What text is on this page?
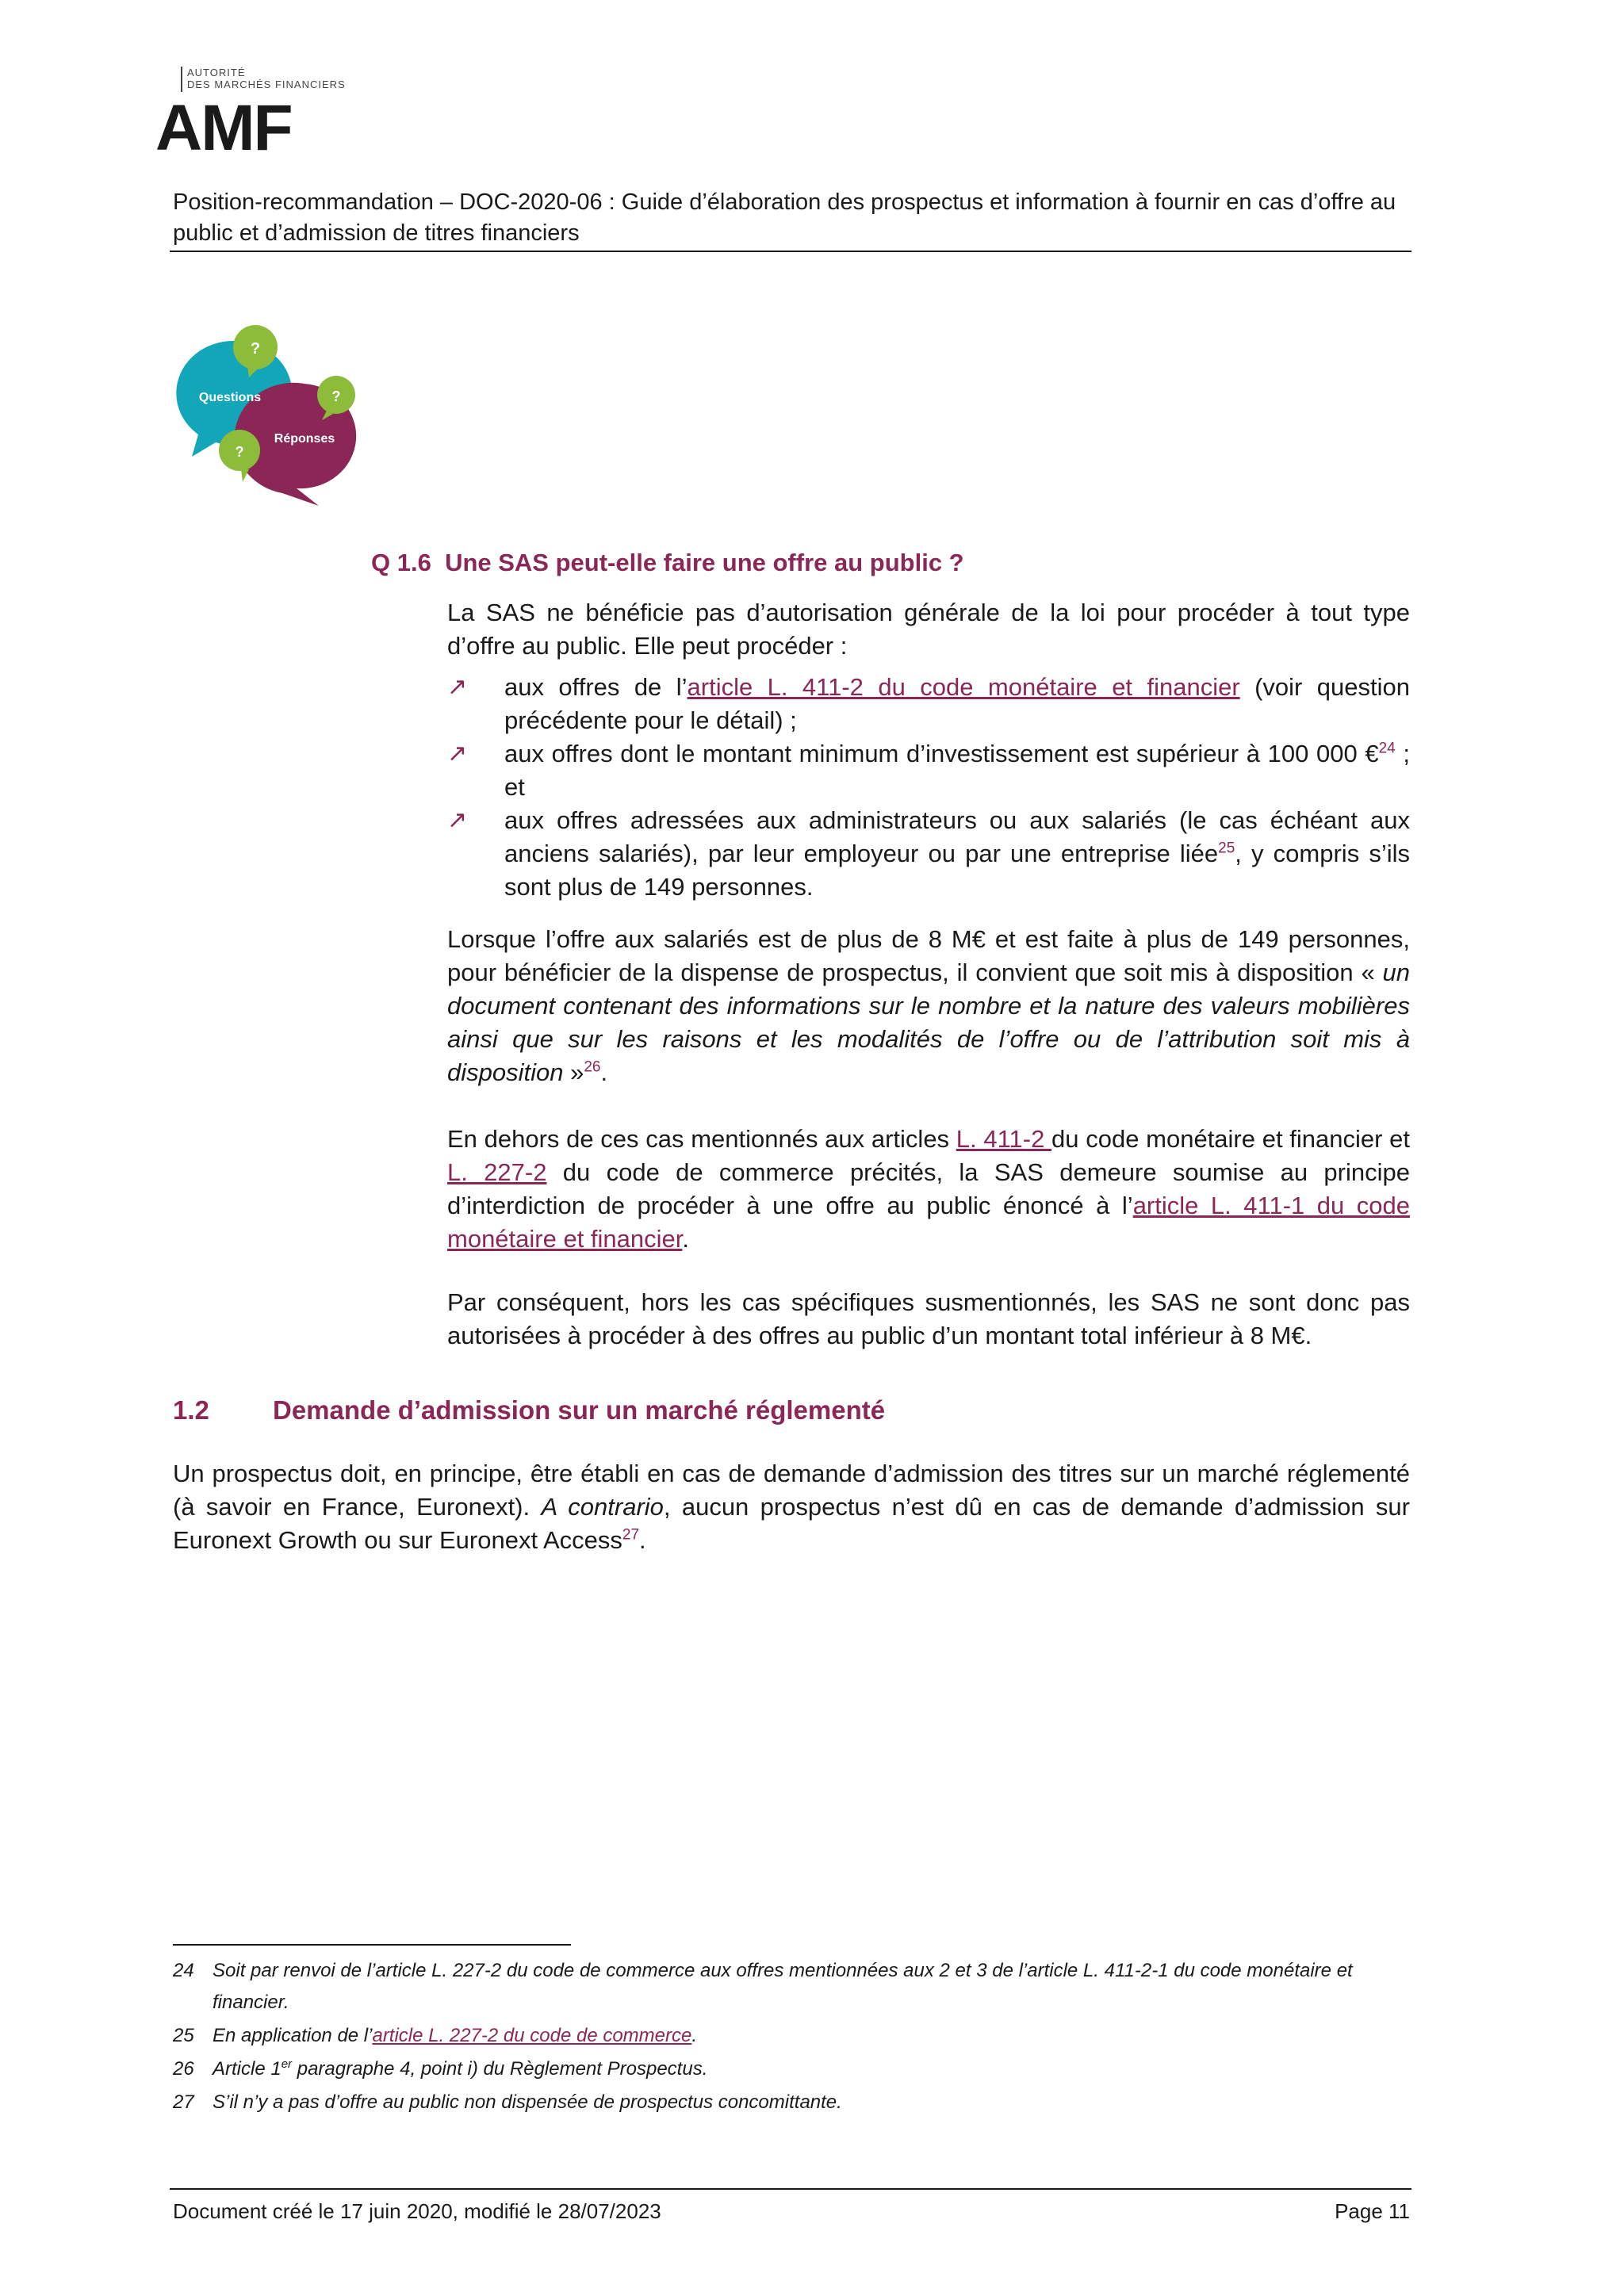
AUTORITÉ
DES MARCHÉS FINANCIERS
AMF
Position-recommandation – DOC-2020-06 : Guide d’élaboration des prospectus et information à fournir en cas d’offre au public et d’admission de titres financiers
?
?
?
Questions
Réponses
Q 1.6 Une SAS peut-elle faire une offre au public ?
La SAS ne bénéficie pas d’autorisation générale de la loi pour procéder à tout type d’offre au public. Elle peut procéder :
↗ aux offres de l’article L. 411-2 du code monétaire et financier (voir question précédente pour le détail) ;
↗ aux offres dont le montant minimum d’investissement est supérieur à 100 000 €$^{24}$ ; et
↗ aux offres adressées aux administrateurs ou aux salariés (le cas échéant aux anciens salariés), par leur employeur ou par une entreprise liée$^{25}$, y compris s’ils sont plus de 149 personnes.
Lorsque l’offre aux salariés est de plus de 8 M€ et est faite à plus de 149 personnes, pour bénéficier de la dispense de prospectus, il convient que soit mis à disposition « un document contenant des informations sur le nombre et la nature des valeurs mobilières ainsi que sur les raisons et les modalités de l’offre ou de l’attribution soit mis à disposition »$^{26}$.
En dehors de ces cas mentionnés aux articles L. 411-2 du code monétaire et financier et L. 227-2 du code de commerce précités, la SAS demeure soumise au principe d’interdiction de procéder à une offre au public énoncé à l’article L. 411-1 du code monétaire et financier.
Par conséquent, hors les cas spécifiques susmentionnés, les SAS ne sont donc pas autorisées à procéder à des offres au public d’un montant total inférieur à 8 M€.
1.2 Demande d’admission sur un marché réglementé
Un prospectus doit, en principe, être établi en cas de demande d’admission des titres sur un marché réglementé (à savoir en France, Euronext). A contrario, aucun prospectus n’est dû en cas de demande d’admission sur Euronext Growth ou sur Euronext Access$^{27}$.
24 Soit par renvoi de l’article L. 227-2 du code de commerce aux offres mentionnées aux 2 et 3 de l’article L. 411-2-1 du code monétaire et
financier.
25 En application de l’article L. 227-2 du code de commerce.
26 Article 1er paragraphe 4, point i) du Règlement Prospectus.
27 S’il n’y a pas d’offre au public non dispensée de prospectus concomittante.
Document créé le 17 juin 2020, modifié le 28/07/2023	Page 11
